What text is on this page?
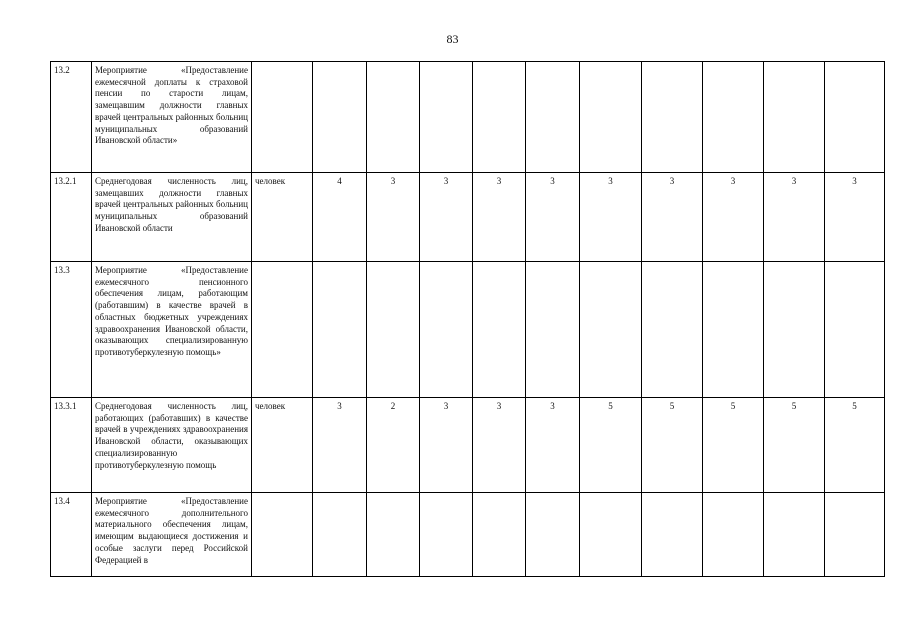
83
13.2	Мероприятие «Предоставление ежемесячной доплаты к страховой пенсии по старости лицам, замещавшим должности главных врачей центральных районных больниц муниципальных образований Ивановской области»											
13.2.1	Среднегодовая численность лиц, замещавших должности главных врачей центральных районных больниц муниципальных образований Ивановской области	человек	4	3	3	3	3	3	3	3	3	3
13.3	Мероприятие «Предоставление ежемесячного пенсионного обеспечения лицам, работающим (работавшим) в качестве врачей в областных бюджетных учреждениях здравоохранения Ивановской области, оказывающих специализированную противотуберкулезную помощь»											
13.3.1	Среднегодовая численность лиц, работающих (работавших) в качестве врачей в учреждениях здравоохранения Ивановской области, оказывающих специализированную противотуберкулезную помощь	человек	3	2	3	3	3	5	5	5	5	5
13.4	Мероприятие «Предоставление ежемесячного дополнительного материального обеспечения лицам, имеющим выдающиеся достижения и особые заслуги перед Российской Федерацией в											
